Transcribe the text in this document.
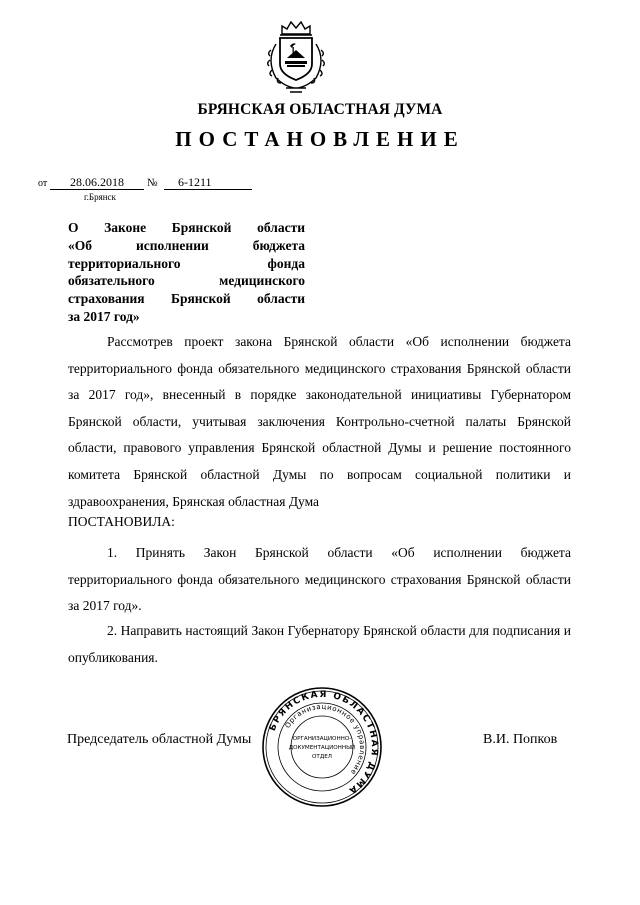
БРЯНСКАЯ ОБЛАСТНАЯ ДУМА
ПОСТАНОВЛЕНИЕ
от	28.06.2018	№	6-1211
г.Брянск
О Законе Брянской области
«Об исполнении бюджета
территориального фонда
обязательного медицинского
страхования Брянской области
за 2017 год»

Рассмотрев проект закона Брянской области «Об исполнении бюджета территориального фонда обязательного медицинского страхования Брянской области за 2017 год», внесенный в порядке законодательной инициативы Губернатором Брянской области, учитывая заключения Контрольно-счетной палаты Брянской области, правового управления Брянской областной Думы и решение постоянного комитета Брянской областной Думы по вопросам социальной политики и здравоохранения, Брянская областная Дума

ПОСТАНОВИЛА:

1. Принять Закон Брянской области «Об исполнении бюджета территориального фонда обязательного медицинского страхования Брянской области за 2017 год».

2. Направить настоящий Закон Губернатору Брянской области для подписания и опубликования.

Председатель областной Думы	В.И. Попков
БРЯНСКАЯ ОБЛАСТНАЯ ДУМА
Организационное управление
ОРГАНИЗАЦИОННО-
ДОКУМЕНТАЦИОННЫЙ
ОТДЕЛ
